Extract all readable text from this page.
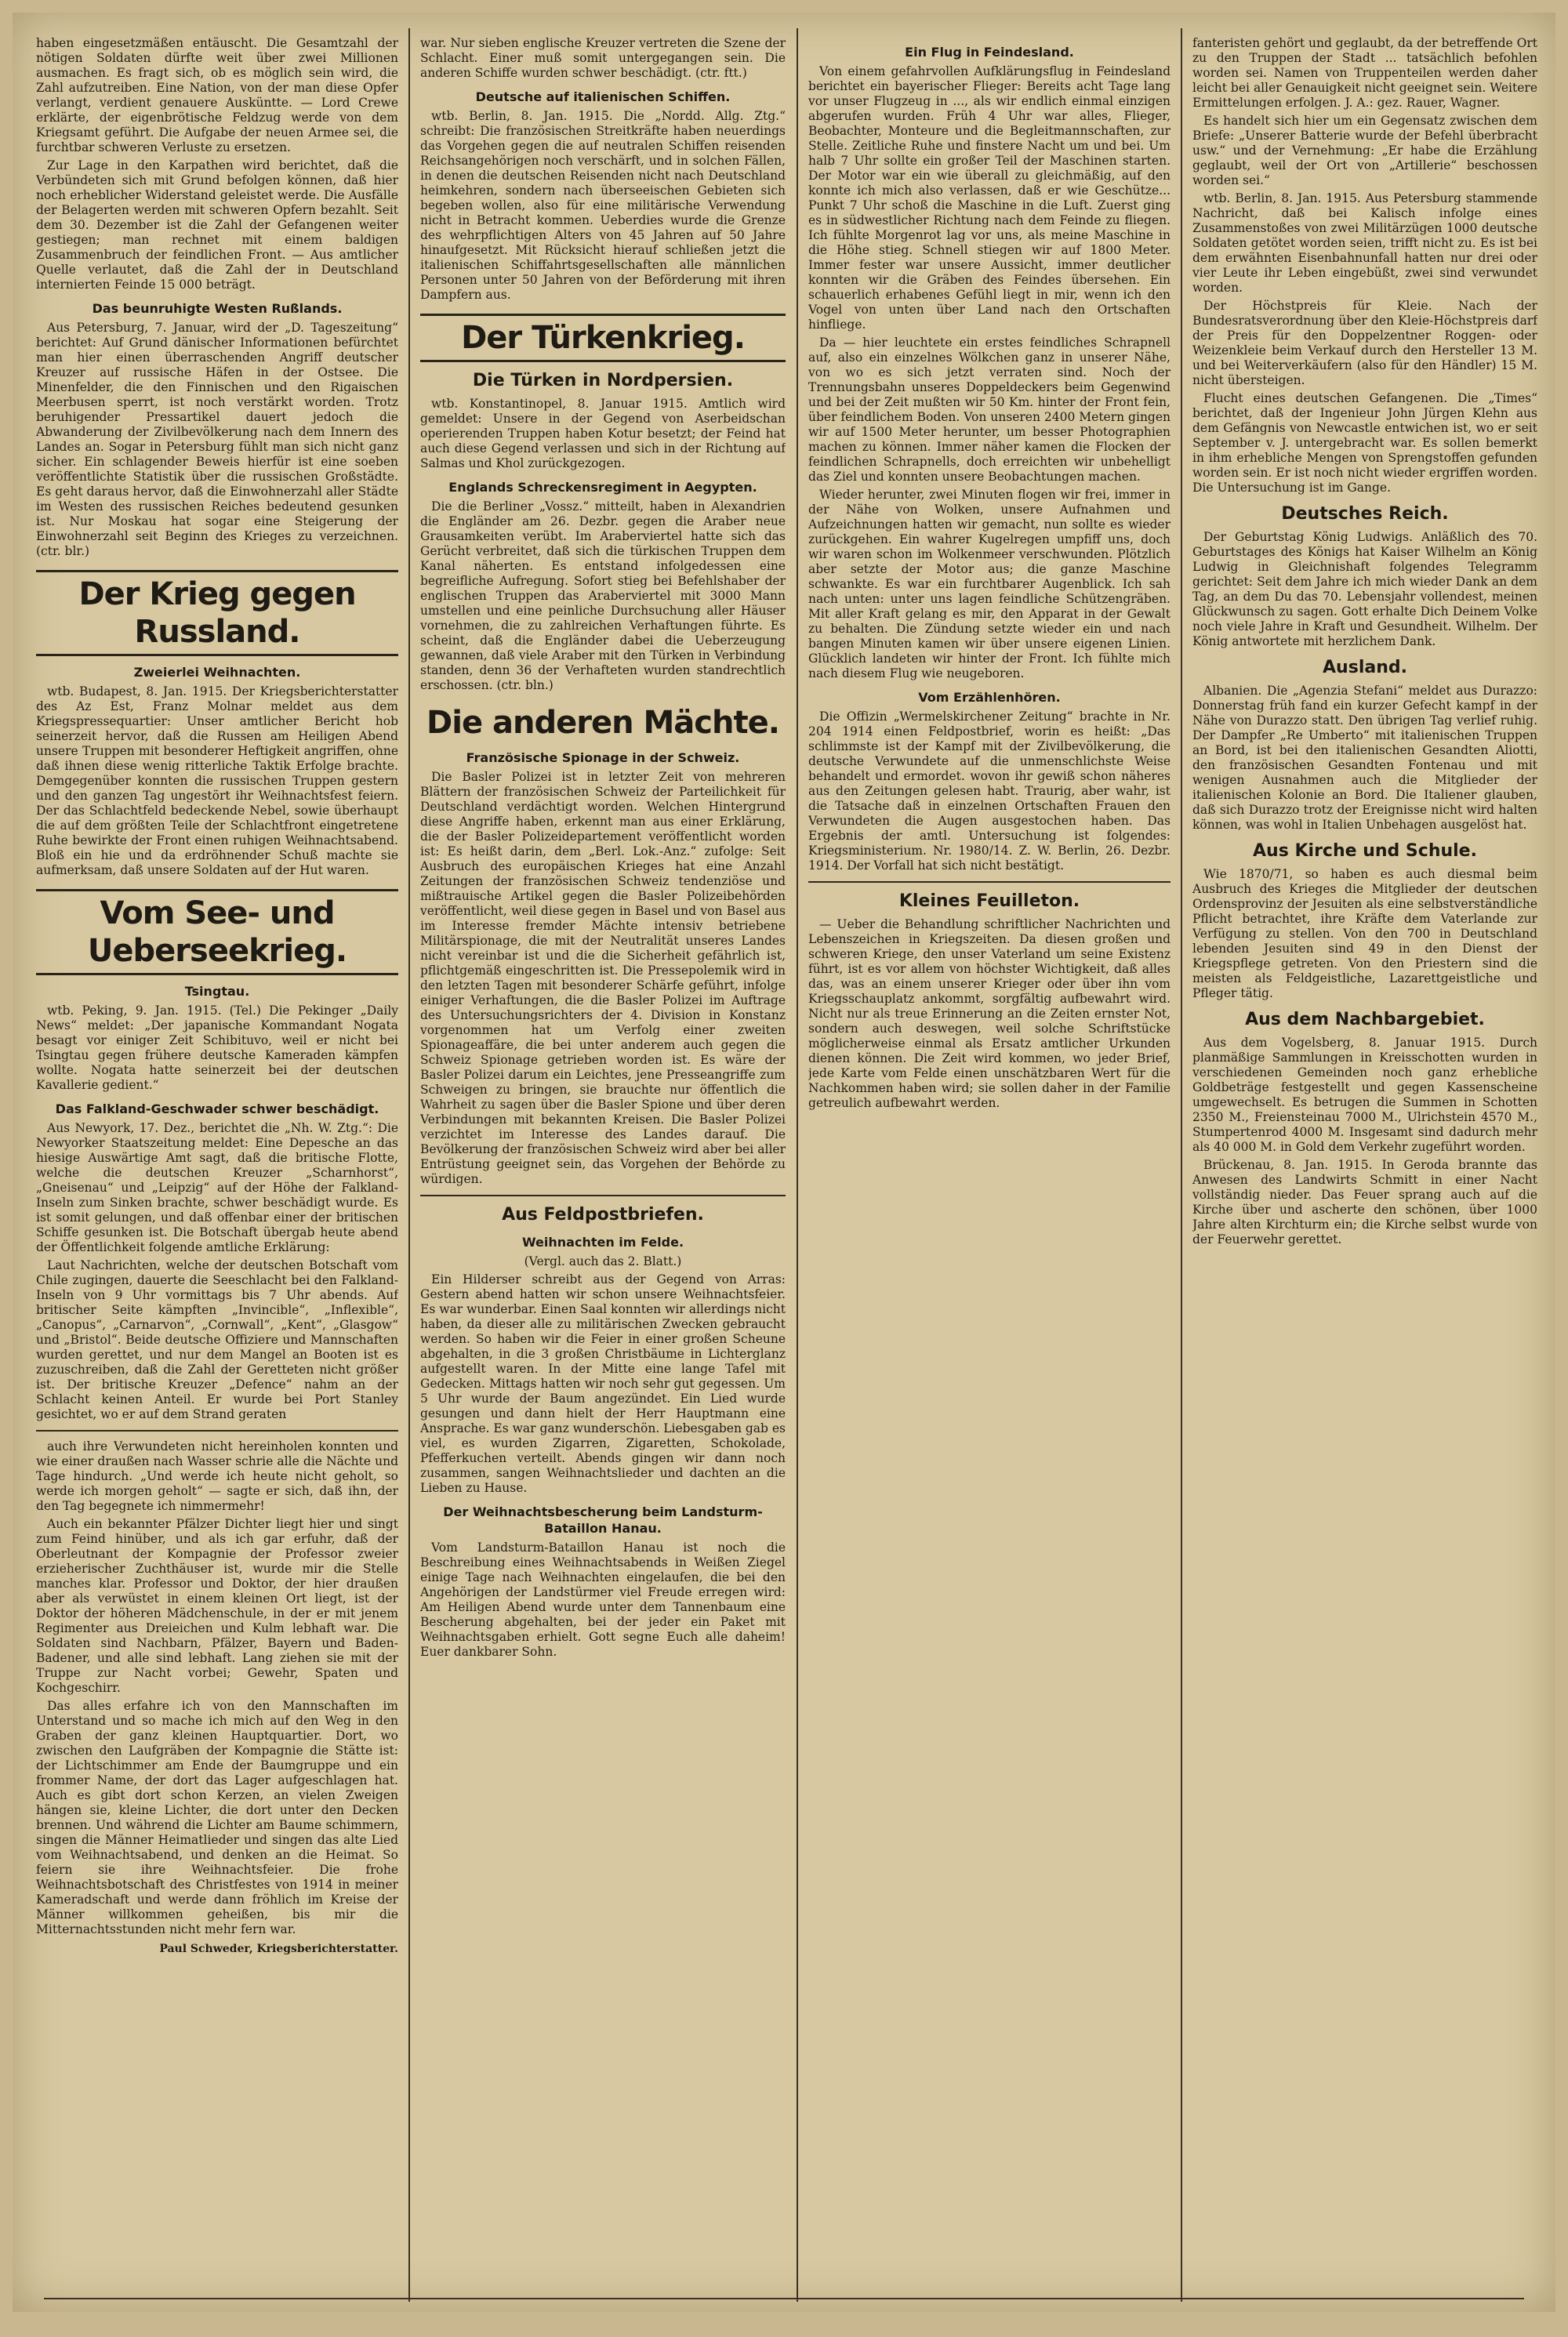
haben eingesetzmäßen entäuscht. Die Gesamtzahl der nötigen Soldaten dürfte weit über zwei Millionen ausmachen. Es fragt sich, ob es möglich sein wird, die Zahl aufzutreiben. Eine Nation, von der man diese Opfer verlangt, verdient genauere Ausküntte. — Lord Crewe erklärte, der eigenbrötische Feldzug werde von dem Kriegsamt geführt. Die Aufgabe der neuen Armee sei, die furchtbar schweren Verluste zu ersetzen.

Zur Lage in den Karpathen wird berichtet, daß die Verbündeten sich mit Grund befolgen können, daß hier noch erheblicher Widerstand geleistet werde. Die Ausfälle der Belagerten werden mit schweren Opfern bezahlt. Seit dem 30. Dezember ist die Zahl der Gefangenen weiter gestiegen; man rechnet mit einem baldigen Zusammenbruch der feindlichen Front. — Aus amtlicher Quelle verlautet, daß die Zahl der in Deutschland internierten Feinde 15 000 beträgt.

Das beunruhigte Westen Rußlands.

Aus Petersburg, 7. Januar, wird der „D. Tageszeitung“ berichtet: Auf Grund dänischer Informationen befürchtet man hier einen überraschenden Angriff deutscher Kreuzer auf russische Häfen in der Ostsee. Die Minenfelder, die den Finnischen und den Rigaischen Meerbusen sperrt, ist noch verstärkt worden. Trotz beruhigender Pressartikel dauert jedoch die Abwanderung der Zivilbevölkerung nach dem Innern des Landes an. Sogar in Petersburg fühlt man sich nicht ganz sicher. Ein schlagender Beweis hierfür ist eine soeben veröffentlichte Statistik über die russischen Großstädte. Es geht daraus hervor, daß die Einwohnerzahl aller Städte im Westen des russischen Reiches bedeutend gesunken ist. Nur Moskau hat sogar eine Steigerung der Einwohnerzahl seit Beginn des Krieges zu verzeichnen. (ctr. blr.)

Der Krieg gegen Russland.
Zweierlei Weihnachten.

wtb. Budapest, 8. Jan. 1915. Der Kriegsberichterstatter des Az Est, Franz Molnar meldet aus dem Kriegspressequartier: Unser amtlicher Bericht hob seinerzeit hervor, daß die Russen am Heiligen Abend unsere Truppen mit besonderer Heftigkeit angriffen, ohne daß ihnen diese wenig ritterliche Taktik Erfolge brachte. Demgegenüber konnten die russischen Truppen gestern und den ganzen Tag ungestört ihr Weihnachtsfest feiern. Der das Schlachtfeld bedeckende Nebel, sowie überhaupt die auf dem größten Teile der Schlachtfront eingetretene Ruhe bewirkte der Front einen ruhigen Weihnachtsabend. Bloß ein hie und da erdröhnender Schuß machte sie aufmerksam, daß unsere Soldaten auf der Hut waren.

Vom See- und Ueberseekrieg.
Tsingtau.

wtb. Peking, 9. Jan. 1915. (Tel.) Die Pekinger „Daily News“ meldet: „Der japanische Kommandant Nogata besagt vor einiger Zeit Schibituvo, weil er nicht bei Tsingtau gegen frühere deutsche Kameraden kämpfen wollte. Nogata hatte seinerzeit bei der deutschen Kavallerie gedient.“

Das Falkland-Geschwader schwer beschädigt.

Aus Newyork, 17. Dez., berichtet die „Nh. W. Ztg.“: Die Newyorker Staatszeitung meldet: Eine Depesche an das hiesige Auswärtige Amt sagt, daß die britische Flotte, welche die deutschen Kreuzer „Scharnhorst“, „Gneisenau“ und „Leipzig“ auf der Höhe der Falkland-Inseln zum Sinken brachte, schwer beschädigt wurde. Es ist somit gelungen, und daß offenbar einer der britischen Schiffe gesunken ist. Die Botschaft übergab heute abend der Öffentlichkeit folgende amtliche Erklärung:

Laut Nachrichten, welche der deutschen Botschaft vom Chile zugingen, dauerte die Seeschlacht bei den Falkland-Inseln von 9 Uhr vormittags bis 7 Uhr abends. Auf britischer Seite kämpften „Invincible“, „Inflexible“, „Canopus“, „Carnarvon“, „Cornwall“, „Kent“, „Glasgow“ und „Bristol“. Beide deutsche Offiziere und Mannschaften wurden gerettet, und nur dem Mangel an Booten ist es zuzuschreiben, daß die Zahl der Geretteten nicht größer ist. Der britische Kreuzer „Defence“ nahm an der Schlacht keinen Anteil. Er wurde bei Port Stanley gesichtet, wo er auf dem Strand geraten

auch ihre Verwundeten nicht hereinholen konnten und wie einer draußen nach Wasser schrie alle die Nächte und Tage hindurch. „Und werde ich heute nicht geholt, so werde ich morgen geholt“ — sagte er sich, daß ihn, der den Tag begegnete ich nimmermehr!

Auch ein bekannter Pfälzer Dichter liegt hier und singt zum Feind hinüber, und als ich gar erfuhr, daß der Oberleutnant der Kompagnie der Professor zweier erzieherischer Zuchthäuser ist, wurde mir die Stelle manches klar. Professor und Doktor, der hier draußen aber als verwüstet in einem kleinen Ort liegt, ist der Doktor der höheren Mädchenschule, in der er mit jenem Regimenter aus Dreieichen und Kulm lebhaft war. Die Soldaten sind Nachbarn, Pfälzer, Bayern und Baden-Badener, und alle sind lebhaft. Lang ziehen sie mit der Truppe zur Nacht vorbei; Gewehr, Spaten und Kochgeschirr.

Das alles erfahre ich von den Mannschaften im Unterstand und so mache ich mich auf den Weg in den Graben der ganz kleinen Hauptquartier. Dort, wo zwischen den Laufgräben der Kompagnie die Stätte ist: der Lichtschimmer am Ende der Baumgruppe und ein frommer Name, der dort das Lager aufgeschlagen hat. Auch es gibt dort schon Kerzen, an vielen Zweigen hängen sie, kleine Lichter, die dort unter den Decken brennen. Und während die Lichter am Baume schimmern, singen die Männer Heimatlieder und singen das alte Lied vom Weihnachtsabend, und denken an die Heimat. So feiern sie ihre Weihnachtsfeier. Die frohe Weihnachtsbotschaft des Christfestes von 1914 in meiner Kameradschaft und werde dann fröhlich im Kreise der Männer willkommen geheißen, bis mir die Mitternachtsstunden nicht mehr fern war.

Paul Schweder, Kriegsberichterstatter.

war. Nur sieben englische Kreuzer vertreten die Szene der Schlacht. Einer muß somit untergegangen sein. Die anderen Schiffe wurden schwer beschädigt. (ctr. ftt.)

Deutsche auf italienischen Schiffen.

wtb. Berlin, 8. Jan. 1915. Die „Nordd. Allg. Ztg.“ schreibt: Die französischen Streitkräfte haben neuerdings das Vorgehen gegen die auf neutralen Schiffen reisenden Reichsangehörigen noch verschärft, und in solchen Fällen, in denen die deutschen Reisenden nicht nach Deutschland heimkehren, sondern nach überseeischen Gebieten sich begeben wollen, also für eine militärische Verwendung nicht in Betracht kommen. Ueberdies wurde die Grenze des wehrpflichtigen Alters von 45 Jahren auf 50 Jahre hinaufgesetzt. Mit Rücksicht hierauf schließen jetzt die italienischen Schiffahrtsgesellschaften alle männlichen Personen unter 50 Jahren von der Beförderung mit ihren Dampfern aus.

Der Türkenkrieg.
Die Türken in Nordpersien.

wtb. Konstantinopel, 8. Januar 1915. Amtlich wird gemeldet: Unsere in der Gegend von Aserbeidschan operierenden Truppen haben Kotur besetzt; der Feind hat auch diese Gegend verlassen und sich in der Richtung auf Salmas und Khol zurückgezogen.

Englands Schreckensregiment in Aegypten.

Die die Berliner „Vossz.“ mitteilt, haben in Alexandrien die Engländer am 26. Dezbr. gegen die Araber neue Grausamkeiten verübt. Im Araberviertel hatte sich das Gerücht verbreitet, daß sich die türkischen Truppen dem Kanal näherten. Es entstand infolgedessen eine begreifliche Aufregung. Sofort stieg bei Befehlshaber der englischen Truppen das Araberviertel mit 3000 Mann umstellen und eine peinliche Durchsuchung aller Häuser vornehmen, die zu zahlreichen Verhaftungen führte. Es scheint, daß die Engländer dabei die Ueberzeugung gewannen, daß viele Araber mit den Türken in Verbindung standen, denn 36 der Verhafteten wurden standrechtlich erschossen. (ctr. bln.)

Die anderen Mächte.
Französische Spionage in der Schweiz.

Die Basler Polizei ist in letzter Zeit von mehreren Blättern der französischen Schweiz der Parteilichkeit für Deutschland verdächtigt worden. Welchen Hintergrund diese Angriffe haben, erkennt man aus einer Erklärung, die der Basler Polizeidepartement veröffentlicht worden ist: Es heißt darin, dem „Berl. Lok.-Anz.“ zufolge: Seit Ausbruch des europäischen Krieges hat eine Anzahl Zeitungen der französischen Schweiz tendenziöse und mißtrauische Artikel gegen die Basler Polizeibehörden veröffentlicht, weil diese gegen in Basel und von Basel aus im Interesse fremder Mächte intensiv betriebene Militärspionage, die mit der Neutralität unseres Landes nicht vereinbar ist und die die Sicherheit gefährlich ist, pflichtgemäß eingeschritten ist. Die Pressepolemik wird in den letzten Tagen mit besonderer Schärfe geführt, infolge einiger Verhaftungen, die die Basler Polizei im Auftrage des Untersuchungsrichters der 4. Division in Konstanz vorgenommen hat um Verfolg einer zweiten Spionageaffäre, die bei unter anderem auch gegen die Schweiz Spionage getrieben worden ist. Es wäre der Basler Polizei darum ein Leichtes, jene Presseangriffe zum Schweigen zu bringen, sie brauchte nur öffentlich die Wahrheit zu sagen über die Basler Spione und über deren Verbindungen mit bekannten Kreisen. Die Basler Polizei verzichtet im Interesse des Landes darauf. Die Bevölkerung der französischen Schweiz wird aber bei aller Entrüstung geeignet sein, das Vorgehen der Behörde zu würdigen.

Aus Feldpostbriefen.
Weihnachten im Felde.

(Vergl. auch das 2. Blatt.)

Ein Hilderser schreibt aus der Gegend von Arras: Gestern abend hatten wir schon unsere Weihnachtsfeier. Es war wunderbar. Einen Saal konnten wir allerdings nicht haben, da dieser alle zu militärischen Zwecken gebraucht werden. So haben wir die Feier in einer großen Scheune abgehalten, in die 3 großen Christbäume in Lichterglanz aufgestellt waren. In der Mitte eine lange Tafel mit Gedecken. Mittags hatten wir noch sehr gut gegessen. Um 5 Uhr wurde der Baum angezündet. Ein Lied wurde gesungen und dann hielt der Herr Hauptmann eine Ansprache. Es war ganz wunderschön. Liebesgaben gab es viel, es wurden Zigarren, Zigaretten, Schokolade, Pfefferkuchen verteilt. Abends gingen wir dann noch zusammen, sangen Weihnachtslieder und dachten an die Lieben zu Hause.

Der Weihnachtsbescherung beim Landsturm-Bataillon Hanau.

Vom Landsturm-Bataillon Hanau ist noch die Beschreibung eines Weihnachtsabends in Weißen Ziegel einige Tage nach Weihnachten eingelaufen, die bei den Angehörigen der Landstürmer viel Freude erregen wird: Am Heiligen Abend wurde unter dem Tannenbaum eine Bescherung abgehalten, bei der jeder ein Paket mit Weihnachtsgaben erhielt. Gott segne Euch alle daheim! Euer dankbarer Sohn.

Ein Flug in Feindesland.

Von einem gefahrvollen Aufklärungsflug in Feindesland berichtet ein bayerischer Flieger: Bereits acht Tage lang vor unser Flugzeug in ..., als wir endlich einmal einzigen abgerufen wurden. Früh 4 Uhr war alles, Flieger, Beobachter, Monteure und die Begleitmannschaften, zur Stelle. Zeitliche Ruhe und finstere Nacht um und bei. Um halb 7 Uhr sollte ein großer Teil der Maschinen starten. Der Motor war ein wie überall zu gleichmäßig, auf den konnte ich mich also verlassen, daß er wie Geschütze... Punkt 7 Uhr schoß die Maschine in die Luft. Zuerst ging es in südwestlicher Richtung nach dem Feinde zu fliegen. Ich fühlte Morgenrot lag vor uns, als meine Maschine in die Höhe stieg. Schnell stiegen wir auf 1800 Meter. Immer fester war unsere Aussicht, immer deutlicher konnten wir die Gräben des Feindes übersehen. Ein schauerlich erhabenes Gefühl liegt in mir, wenn ich den Vogel von unten über Land nach den Ortschaften hinfliege.

Da — hier leuchtete ein erstes feindliches Schrapnell auf, also ein einzelnes Wölkchen ganz in unserer Nähe, von wo es sich jetzt verraten sind. Noch der Trennungsbahn unseres Doppeldeckers beim Gegenwind und bei der Zeit mußten wir 50 Km. hinter der Front fein, über feindlichem Boden. Von unseren 2400 Metern gingen wir auf 1500 Meter herunter, um besser Photographien machen zu können. Immer näher kamen die Flocken der feindlichen Schrapnells, doch erreichten wir unbehelligt das Ziel und konnten unsere Beobachtungen machen.

Wieder herunter, zwei Minuten flogen wir frei, immer in der Nähe von Wolken, unsere Aufnahmen und Aufzeichnungen hatten wir gemacht, nun sollte es wieder zurückgehen. Ein wahrer Kugelregen umpfiff uns, doch wir waren schon im Wolkenmeer verschwunden. Plötzlich aber setzte der Motor aus; die ganze Maschine schwankte. Es war ein furchtbarer Augenblick. Ich sah nach unten: unter uns lagen feindliche Schützengräben. Mit aller Kraft gelang es mir, den Apparat in der Gewalt zu behalten. Die Zündung setzte wieder ein und nach bangen Minuten kamen wir über unsere eigenen Linien. Glücklich landeten wir hinter der Front. Ich fühlte mich nach diesem Flug wie neugeboren.

Vom Erzählenhören.

Die Offizin „Wermelskirchener Zeitung“ brachte in Nr. 204 1914 einen Feldpostbrief, worin es heißt: „Das schlimmste ist der Kampf mit der Zivilbevölkerung, die deutsche Verwundete auf die unmenschlichste Weise behandelt und ermordet. wovon ihr gewiß schon näheres aus den Zeitungen gelesen habt. Traurig, aber wahr, ist die Tatsache daß in einzelnen Ortschaften Frauen den Verwundeten die Augen ausgestochen haben. Das Ergebnis der amtl. Untersuchung ist folgendes: Kriegsministerium. Nr. 1980/14. Z. W. Berlin, 26. Dezbr. 1914. Der Vorfall hat sich nicht bestätigt.

Kleines Feuilleton.

— Ueber die Behandlung schriftlicher Nachrichten und Lebenszeichen in Kriegszeiten. Da diesen großen und schweren Kriege, den unser Vaterland um seine Existenz führt, ist es vor allem von höchster Wichtigkeit, daß alles das, was an einem unserer Krieger oder über ihn vom Kriegsschauplatz ankommt, sorgfältig aufbewahrt wird. Nicht nur als treue Erinnerung an die Zeiten ernster Not, sondern auch deswegen, weil solche Schriftstücke möglicherweise einmal als Ersatz amtlicher Urkunden dienen können. Die Zeit wird kommen, wo jeder Brief, jede Karte vom Felde einen unschätzbaren Wert für die Nachkommen haben wird; sie sollen daher in der Familie getreulich aufbewahrt werden.

fanteristen gehört und geglaubt, da der betreffende Ort zu den Truppen der Stadt ... tatsächlich befohlen worden sei. Namen von Truppenteilen werden daher leicht bei aller Genauigkeit nicht geeignet sein. Weitere Ermittelungen erfolgen. J. A.: gez. Rauer, Wagner.

Es handelt sich hier um ein Gegensatz zwischen dem Briefe: „Unserer Batterie wurde der Befehl überbracht usw.“ und der Vernehmung: „Er habe die Erzählung geglaubt, weil der Ort von „Artillerie“ beschossen worden sei.“

wtb. Berlin, 8. Jan. 1915. Aus Petersburg stammende Nachricht, daß bei Kalisch infolge eines Zusammenstoßes von zwei Militärzügen 1000 deutsche Soldaten getötet worden seien, trifft nicht zu. Es ist bei dem erwähnten Eisenbahnunfall hatten nur drei oder vier Leute ihr Leben eingebüßt, zwei sind verwundet worden.

Der Höchstpreis für Kleie. Nach der Bundesratsverordnung über den Kleie-Höchstpreis darf der Preis für den Doppelzentner Roggen- oder Weizenkleie beim Verkauf durch den Hersteller 13 M. und bei Weiterverkäufern (also für den Händler) 15 M. nicht übersteigen.

Flucht eines deutschen Gefangenen. Die „Times“ berichtet, daß der Ingenieur John Jürgen Klehn aus dem Gefängnis von Newcastle entwichen ist, wo er seit September v. J. untergebracht war. Es sollen bemerkt in ihm erhebliche Mengen von Sprengstoffen gefunden worden sein. Er ist noch nicht wieder ergriffen worden. Die Untersuchung ist im Gange.

Deutsches Reich.

Der Geburtstag König Ludwigs. Anläßlich des 70. Geburtstages des Königs hat Kaiser Wilhelm an König Ludwig in Gleichnishaft folgendes Telegramm gerichtet: Seit dem Jahre ich mich wieder Dank an dem Tag, an dem Du das 70. Lebensjahr vollendest, meinen Glückwunsch zu sagen. Gott erhalte Dich Deinem Volke noch viele Jahre in Kraft und Gesundheit. Wilhelm. Der König antwortete mit herzlichem Dank.

Ausland.

Albanien. Die „Agenzia Stefani“ meldet aus Durazzo: Donnerstag früh fand ein kurzer Gefecht kampf in der Nähe von Durazzo statt. Den übrigen Tag verlief ruhig. Der Dampfer „Re Umberto“ mit italienischen Truppen an Bord, ist bei den italienischen Gesandten Aliotti, den französischen Gesandten Fontenau und mit wenigen Ausnahmen auch die Mitglieder der italienischen Kolonie an Bord. Die Italiener glauben, daß sich Durazzo trotz der Ereignisse nicht wird halten können, was wohl in Italien Unbehagen ausgelöst hat.

Aus Kirche und Schule.

Wie 1870/71, so haben es auch diesmal beim Ausbruch des Krieges die Mitglieder der deutschen Ordensprovinz der Jesuiten als eine selbstverständliche Pflicht betrachtet, ihre Kräfte dem Vaterlande zur Verfügung zu stellen. Von den 700 in Deutschland lebenden Jesuiten sind 49 in den Dienst der Kriegspflege getreten. Von den Priestern sind die meisten als Feldgeistliche, Lazarettgeistliche und Pfleger tätig.

Aus dem Nachbargebiet.

Aus dem Vogelsberg, 8. Januar 1915. Durch planmäßige Sammlungen in Kreisschotten wurden in verschiedenen Gemeinden noch ganz erhebliche Goldbeträge festgestellt und gegen Kassenscheine umgewechselt. Es betrugen die Summen in Schotten 2350 M., Freiensteinau 7000 M., Ulrichstein 4570 M., Stumpertenrod 4000 M. Insgesamt sind dadurch mehr als 40 000 M. in Gold dem Verkehr zugeführt worden.

Brückenau, 8. Jan. 1915. In Geroda brannte das Anwesen des Landwirts Schmitt in einer Nacht vollständig nieder. Das Feuer sprang auch auf die Kirche über und ascherte den schönen, über 1000 Jahre alten Kirchturm ein; die Kirche selbst wurde von der Feuerwehr gerettet.
